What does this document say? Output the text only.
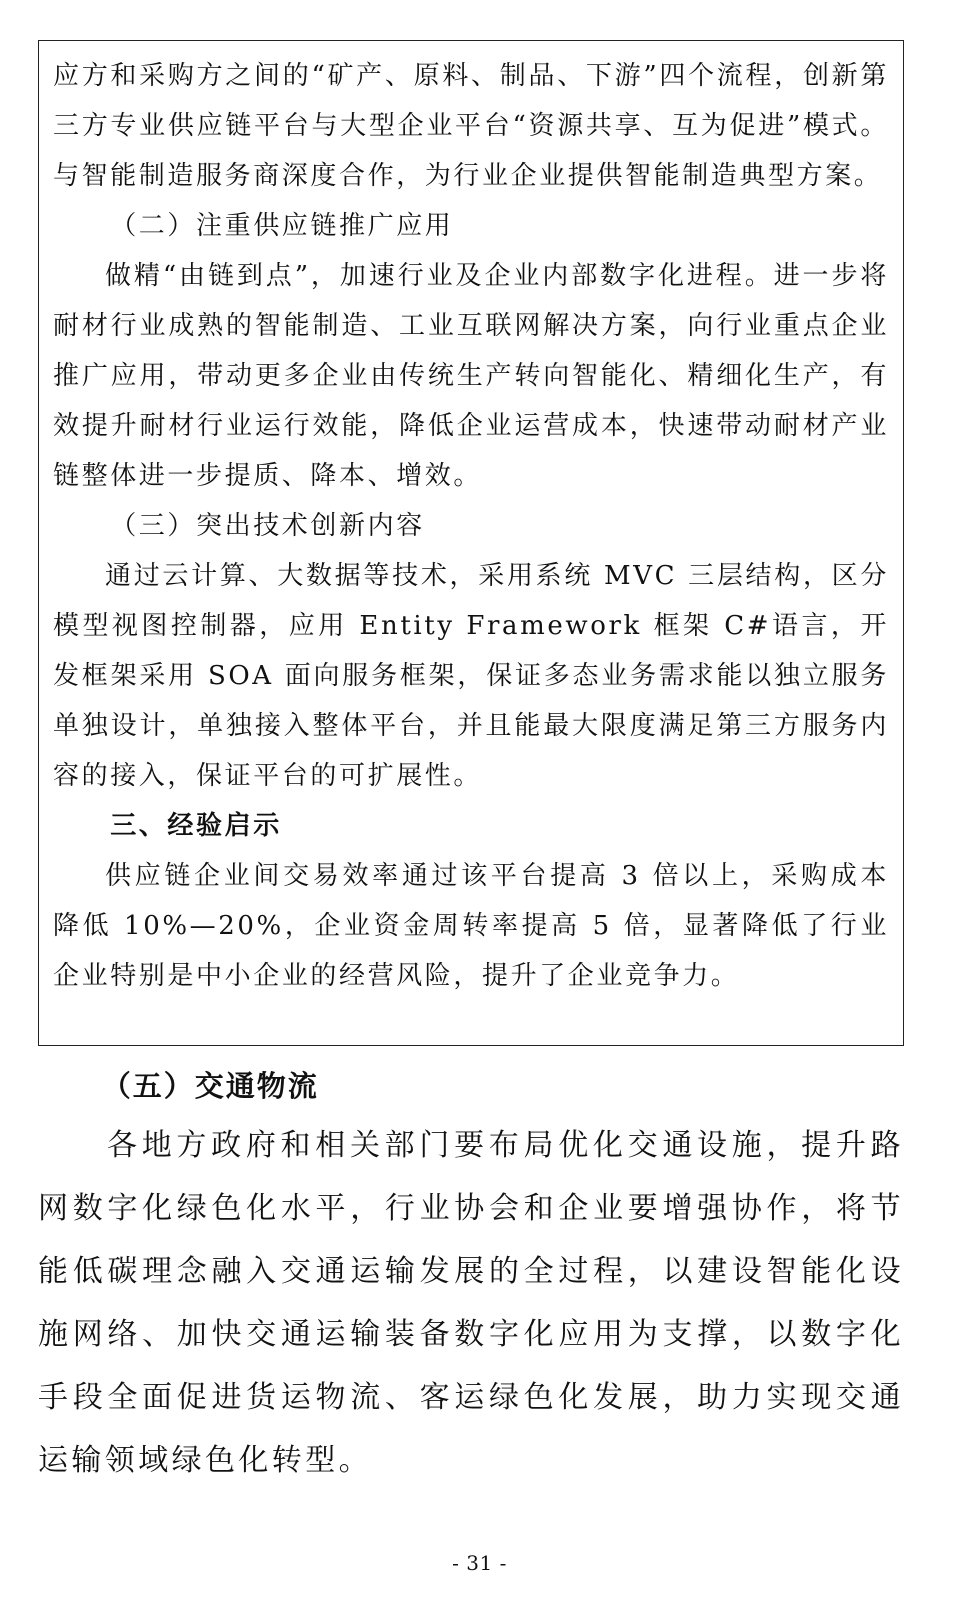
应方和采购方之间的“矿产、原料、制品、下游”四个流程，创新第三方专业供应链平台与大型企业平台“资源共享、互为促进”模式。与智能制造服务商深度合作，为行业企业提供智能制造典型方案。

（二）注重供应链推广应用

做精“由链到点”，加速行业及企业内部数字化进程。进一步将耐材行业成熟的智能制造、工业互联网解决方案，向行业重点企业推广应用，带动更多企业由传统生产转向智能化、精细化生产，有效提升耐材行业运行效能，降低企业运营成本，快速带动耐材产业链整体进一步提质、降本、增效。

（三）突出技术创新内容

通过云计算、大数据等技术，采用系统 MVC 三层结构，区分模型视图控制器，应用 Entity Framework 框架 C#语言，开发框架采用 SOA 面向服务框架，保证多态业务需求能以独立服务单独设计，单独接入整体平台，并且能最大限度满足第三方服务内容的接入，保证平台的可扩展性。

三、经验启示

供应链企业间交易效率通过该平台提高 3 倍以上，采购成本降低 10%—20%，企业资金周转率提高 5 倍，显著降低了行业企业特别是中小企业的经营风险，提升了企业竞争力。

（五）交通物流

各地方政府和相关部门要布局优化交通设施，提升路网数字化绿色化水平，行业协会和企业要增强协作，将节能低碳理念融入交通运输发展的全过程，以建设智能化设施网络、加快交通运输装备数字化应用为支撑，以数字化手段全面促进货运物流、客运绿色化发展，助力实现交通运输领域绿色化转型。

- 31 -
